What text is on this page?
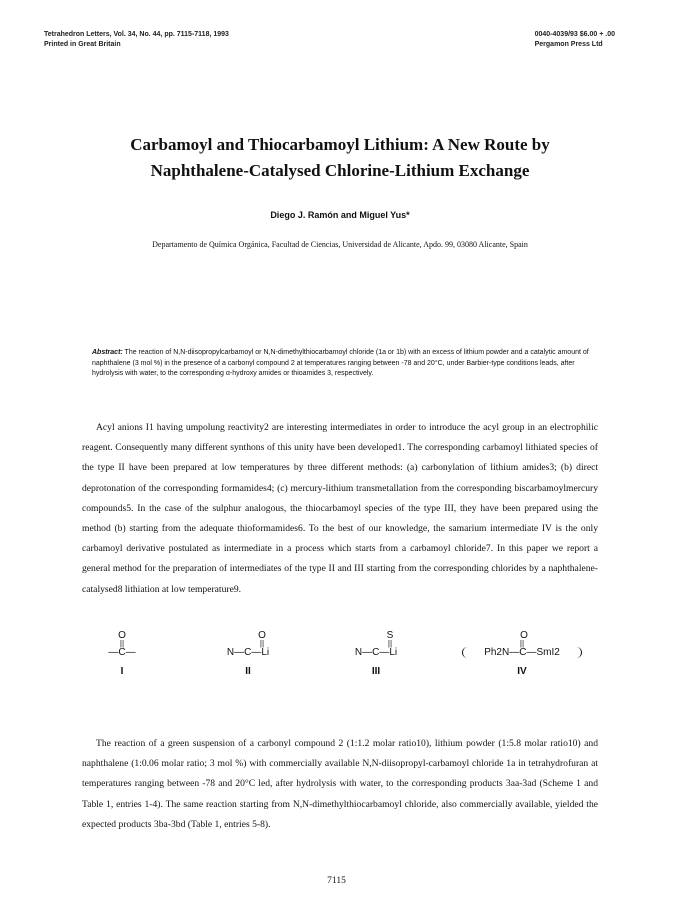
Tetrahedron Letters, Vol. 34, No. 44, pp. 7115-7118, 1993
Printed in Great Britain
0040-4039/93 $6.00 + .00
Pergamon Press Ltd
Carbamoyl and Thiocarbamoyl Lithium: A New Route by
Naphthalene-Catalysed Chlorine-Lithium Exchange
Diego J. Ramón and Miguel Yus*
Departamento de Química Orgánica, Facultad de Ciencias, Universidad de Alicante, Apdo. 99, 03080 Alicante, Spain
Abstract: The reaction of N,N-diisopropylcarbamoyl or N,N-dimethylthiocarbamoyl chloride (1a or 1b) with an excess of lithium powder and a catalytic amount of naphthalene (3 mol %) in the presence of a carbonyl compound 2 at temperatures ranging between -78 and 20°C, under Barbier-type conditions leads, after hydrolysis with water, to the corresponding α-hydroxy amides or thioamides 3, respectively.
Acyl anions I1 having umpolung reactivity2 are interesting intermediates in order to introduce the acyl group in an electrophilic reagent. Consequently many different synthons of this unity have been developed1. The corresponding carbamoyl lithiated species of the type II have been prepared at low temperatures by three different methods: (a) carbonylation of lithium amides3; (b) direct deprotonation of the corresponding formamides4; (c) mercury-lithium transmetallation from the corresponding biscarbamoylmercury compounds5. In the case of the sulphur analogous, the thiocarbamoyl species of the type III, they have been prepared using the method (b) starting from the adequate thioformamides6. To the best of our knowledge, the samarium intermediate IV is the only carbamoyl derivative postulated as intermediate in a process which starts from a carbamoyl chloride7. In this paper we report a general method for the preparation of intermediates of the type II and III starting from the corresponding chlorides by a naphthalene-catalysed8 lithiation at low temperature9.
O
||
—C—
I
O
||
N—C—Li
II
S
||
N—C—Li
III
O
||
Ph2N—C—SmI2
IV
The reaction of a green suspension of a carbonyl compound 2 (1:1.2 molar ratio10), lithium powder (1:5.8 molar ratio10) and naphthalene (1:0.06 molar ratio; 3 mol %) with commercially available N,N-diisopropyl-carbamoyl chloride 1a in tetrahydrofuran at temperatures ranging between -78 and 20°C led, after hydrolysis with water, to the corresponding products 3aa-3ad (Scheme 1 and Table 1, entries 1-4). The same reaction starting from N,N-dimethylthiocarbamoyl chloride, also commercially available, yielded the expected products 3ba-3bd (Table 1, entries 5-8).
7115
